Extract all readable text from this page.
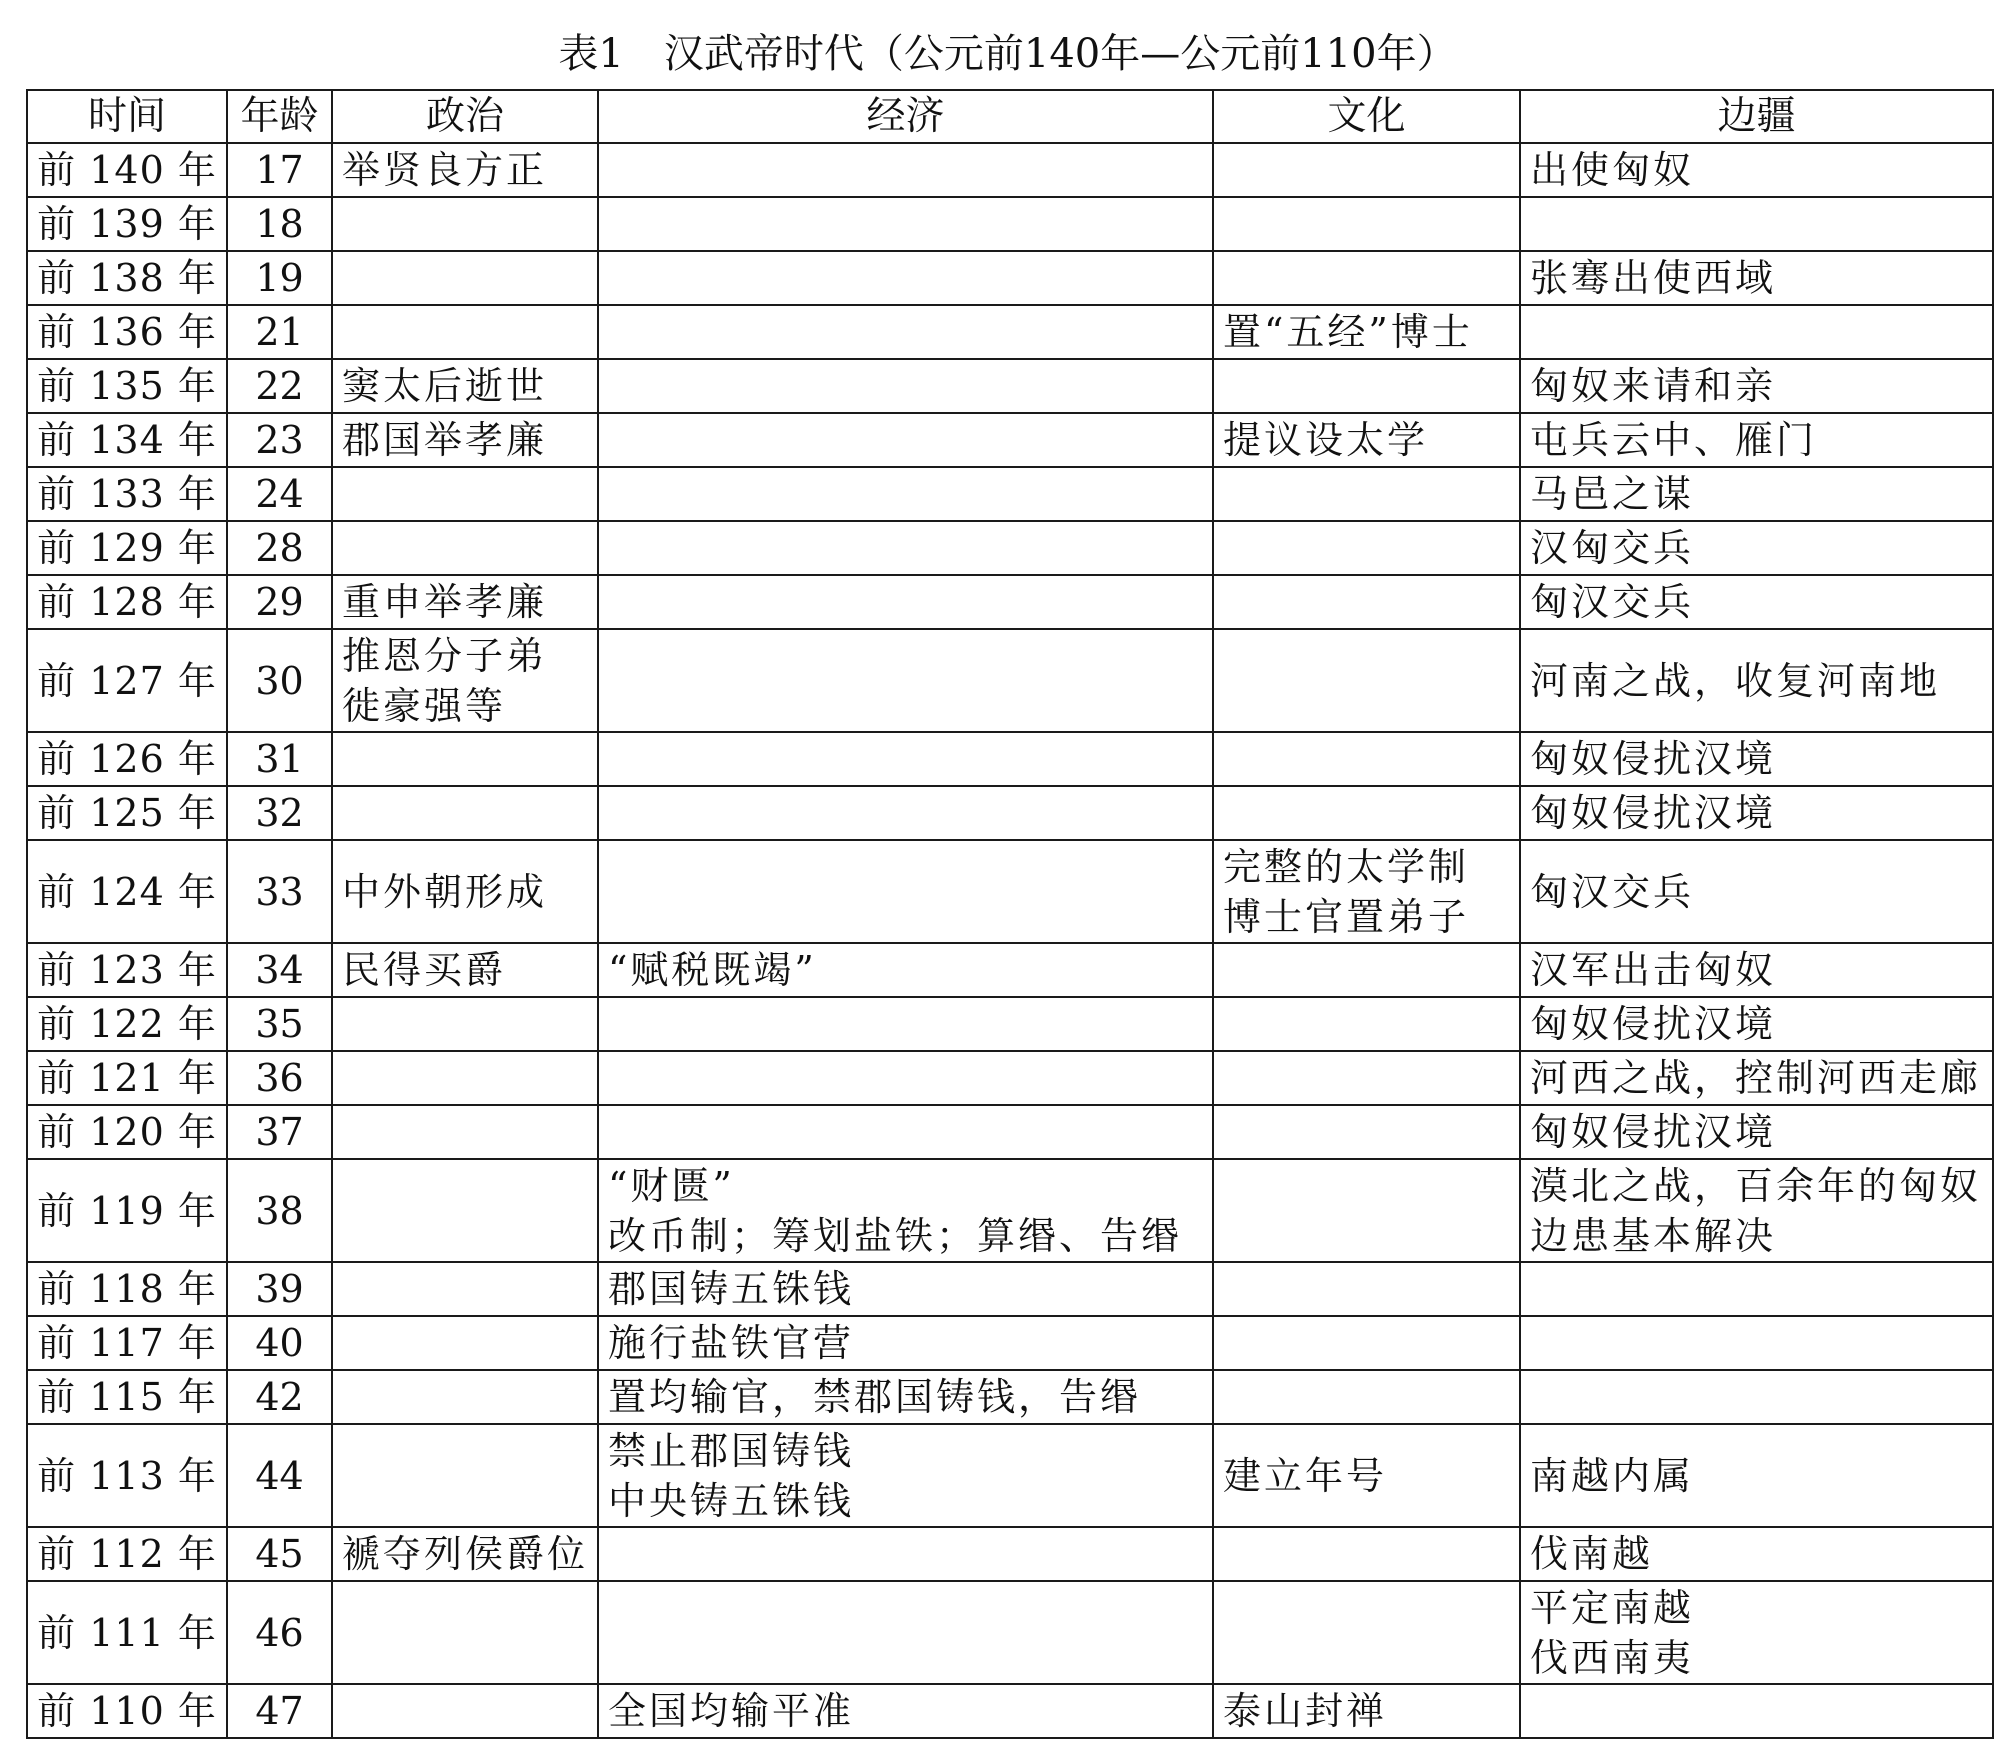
表1　汉武帝时代（公元前140年—公元前110年）
时间	年龄	政治	经济	文化	边疆
前 140 年	17	举贤良方正			出使匈奴
前 139 年	18				
前 138 年	19				张骞出使西域
前 136 年	21			置“五经”博士	
前 135 年	22	窦太后逝世			匈奴来请和亲
前 134 年	23	郡国举孝廉		提议设太学	屯兵云中、雁门
前 133 年	24				马邑之谋
前 129 年	28				汉匈交兵
前 128 年	29	重申举孝廉			匈汉交兵
前 127 年	30	推恩分子弟
徙豪强等			河南之战，收复河南地
前 126 年	31				匈奴侵扰汉境
前 125 年	32				匈奴侵扰汉境
前 124 年	33	中外朝形成		完整的太学制
博士官置弟子	匈汉交兵
前 123 年	34	民得买爵	“赋税既竭”		汉军出击匈奴
前 122 年	35				匈奴侵扰汉境
前 121 年	36				河西之战，控制河西走廊
前 120 年	37				匈奴侵扰汉境
前 119 年	38		“财匮”
改币制；筹划盐铁；算缗、告缗		漠北之战，百余年的匈奴
边患基本解决
前 118 年	39		郡国铸五铢钱		
前 117 年	40		施行盐铁官营		
前 115 年	42		置均输官，禁郡国铸钱，告缗		
前 113 年	44		禁止郡国铸钱
中央铸五铢钱	建立年号	南越内属
前 112 年	45	褫夺列侯爵位			伐南越
前 111 年	46				平定南越
伐西南夷
前 110 年	47		全国均输平准	泰山封禅	
